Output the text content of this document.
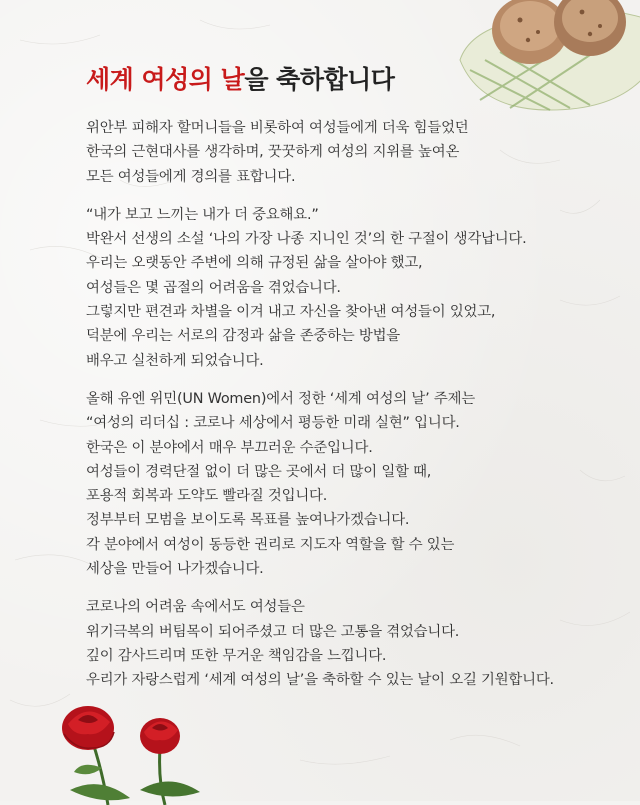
세계 여성의 날을 축하합니다
위안부 피해자 할머니들을 비롯하여 여성들에게 더욱 힘들었던
한국의 근현대사를 생각하며, 꿋꿋하게 여성의 지위를 높여온
모든 여성들에게 경의를 표합니다.
“내가 보고 느끼는 내가 더 중요해요.”
박완서 선생의 소설 ‘나의 가장 나종 지니인 것’의 한 구절이 생각납니다.
우리는 오랫동안 주변에 의해 규정된 삶을 살아야 했고,
여성들은 몇 곱절의 어려움을 겪었습니다.
그렇지만 편견과 차별을 이겨 내고 자신을 찾아낸 여성들이 있었고,
덕분에 우리는 서로의 감정과 삶을 존중하는 방법을
배우고 실천하게 되었습니다.
올해 유엔 위민(UN Women)에서 정한 ‘세계 여성의 날’ 주제는
“여성의 리더십 : 코로나 세상에서 평등한 미래 실현” 입니다.
한국은 이 분야에서 매우 부끄러운 수준입니다.
여성들이 경력단절 없이 더 많은 곳에서 더 많이 일할 때,
포용적 회복과 도약도 빨라질 것입니다.
정부부터 모범을 보이도록 목표를 높여나가겠습니다.
각 분야에서 여성이 동등한 권리로 지도자 역할을 할 수 있는
세상을 만들어 나가겠습니다.
코로나의 어려움 속에서도 여성들은
위기극복의 버팀목이 되어주셨고 더 많은 고통을 겪었습니다.
깊이 감사드리며 또한 무거운 책임감을 느낍니다.
우리가 자랑스럽게 ‘세계 여성의 날’을 축하할 수 있는 날이 오길 기원합니다.
